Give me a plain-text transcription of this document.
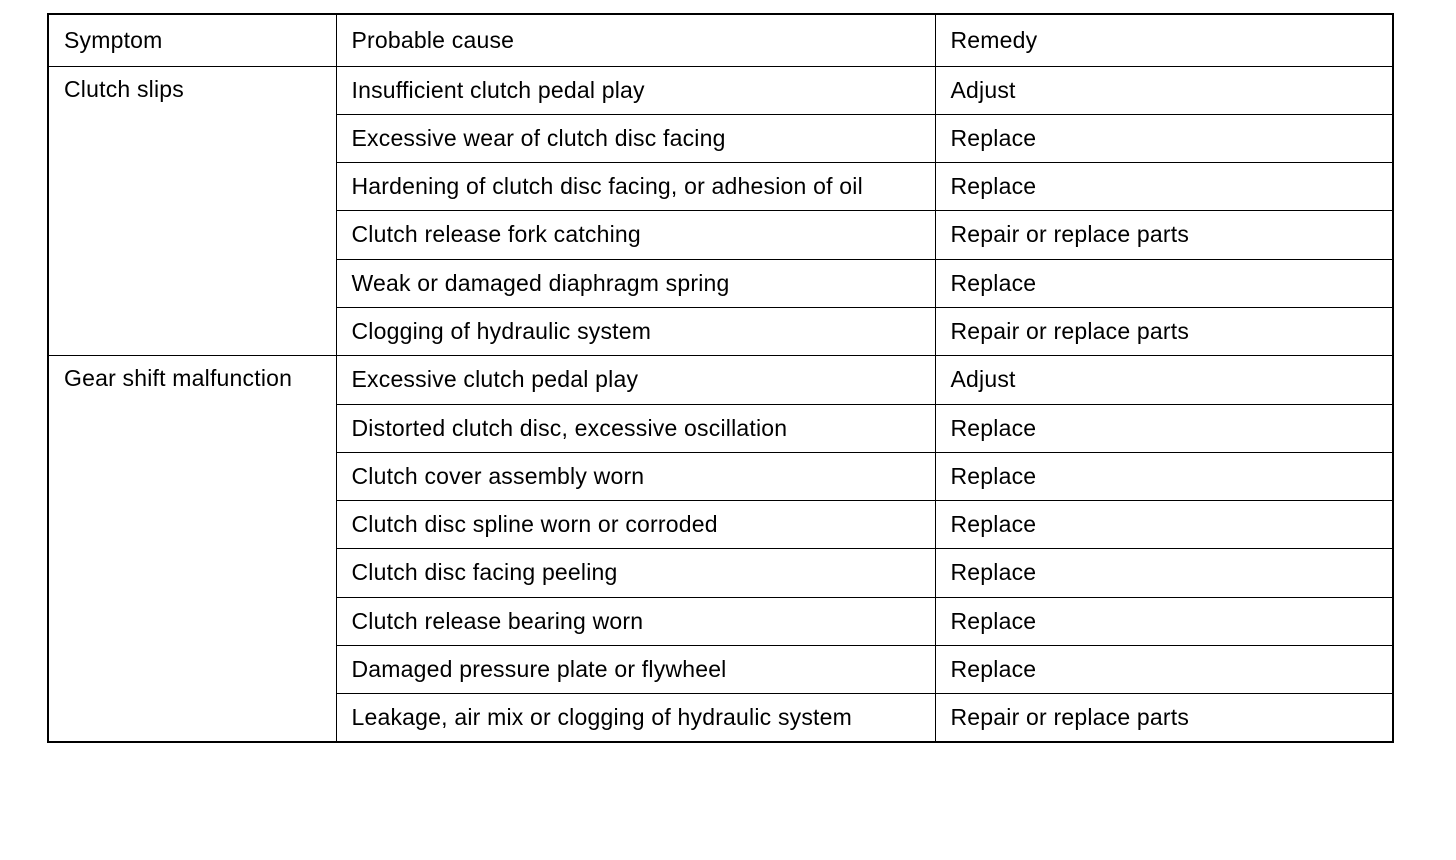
Symptom	Probable cause	Remedy
Clutch slips	Insufficient clutch pedal play	Adjust
	Excessive wear of clutch disc facing	Replace
	Hardening of clutch disc facing, or adhesion of oil	Replace
	Clutch release fork catching	Repair or replace parts
	Weak or damaged diaphragm spring	Replace
	Clogging of hydraulic system	Repair or replace parts
Gear shift malfunction	Excessive clutch pedal play	Adjust
	Distorted clutch disc, excessive oscillation	Replace
	Clutch cover assembly worn	Replace
	Clutch disc spline worn or corroded	Replace
	Clutch disc facing peeling	Replace
	Clutch release bearing worn	Replace
	Damaged pressure plate or flywheel	Replace
	Leakage, air mix or clogging of hydraulic system	Repair or replace parts
